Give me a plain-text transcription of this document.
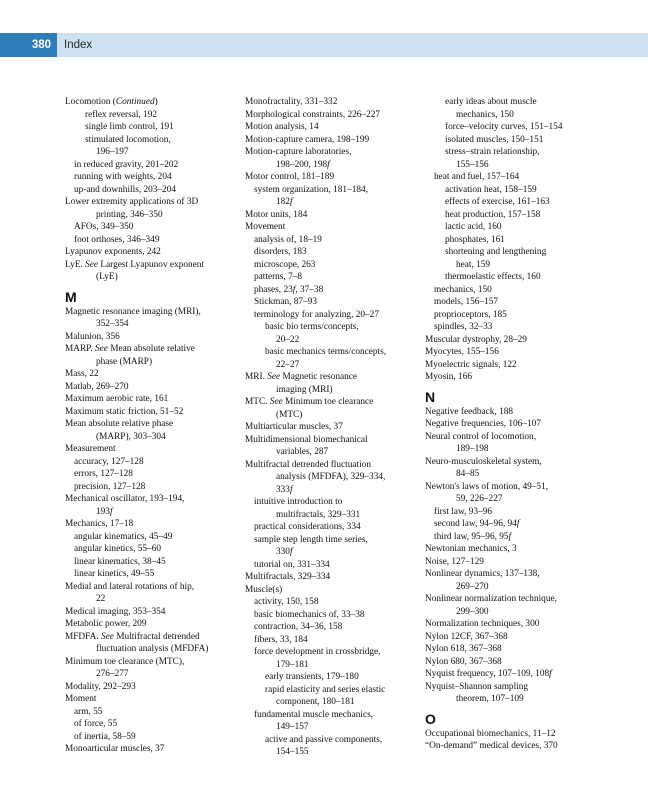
380	Index
Locomotion (Continued)
reflex reversal, 192
single limb control, 191
stimulated locomotion,
196–197
in reduced gravity, 201–202
running with weights, 204
up-and downhills, 203–204
Lower extremity applications of 3D
printing, 346–350
AFOs, 349–350
foot orthoses, 346–349
Lyapunov exponents, 242
LyE. See Largest Lyapunov exponent
(LyE)
M
Magnetic resonance imaging (MRI),
352–354
Malunion, 356
MARP. See Mean absolute relative
phase (MARP)
Mass, 22
Matlab, 269–270
Maximum aerobic rate, 161
Maximum static friction, 51–52
Mean absolute relative phase
(MARP), 303–304
Measurement
accuracy, 127–128
errors, 127–128
precision, 127–128
Mechanical oscillator, 193–194,
193f
Mechanics, 17–18
angular kinematics, 45–49
angular kinetics, 55–60
linear kinematics, 38–45
linear kinetics, 49–55
Medial and lateral rotations of hip,
22
Medical imaging, 353–354
Metabolic power, 209
MFDFA. See Multifractal detrended
fluctuation analysis (MFDFA)
Minimum toe clearance (MTC),
276–277
Modality, 292–293
Moment
arm, 55
of force, 55
of inertia, 58–59
Monoarticular muscles, 37
Monofractality, 331–332
Morphological constraints, 226–227
Motion analysis, 14
Motion-capture camera, 198–199
Motion-capture laboratories,
198–200, 198f
Motor control, 181–189
system organization, 181–184,
182f
Motor units, 184
Movement
analysis of, 18–19
disorders, 183
microscope, 263
patterns, 7–8
phases, 23f, 37–38
Stickman, 87–93
terminology for analyzing, 20–27
basic bio terms/concepts,
20–22
basic mechanics terms/concepts,
22–27
MRI. See Magnetic resonance
imaging (MRI)
MTC. See Minimum toe clearance
(MTC)
Multiarticular muscles, 37
Multidimensional biomechanical
variables, 287
Multifractal detrended fluctuation
analysis (MFDFA), 329–334,
333f
intuitive introduction to
multifractals, 329–331
practical considerations, 334
sample step length time series,
330f
tutorial on, 331–334
Multifractals, 329–334
Muscle(s)
activity, 150, 158
basic biomechanics of, 33–38
contraction, 34–36, 158
fibers, 33, 184
force development in crossbridge,
179–181
early transients, 179–180
rapid elasticity and series elastic
component, 180–181
fundamental muscle mechanics,
149–157
active and passive components,
154–155
early ideas about muscle
mechanics, 150
force–velocity curves, 151–154
isolated muscles, 150–151
stress–strain relationship,
155–156
heat and fuel, 157–164
activation heat, 158–159
effects of exercise, 161–163
heat production, 157–158
lactic acid, 160
phosphates, 161
shortening and lengthening
heat, 159
thermoelastic effects, 160
mechanics, 150
models, 156–157
proprioceptors, 185
spindles, 32–33
Muscular dystrophy, 28–29
Myocytes, 155–156
Myoelectric signals, 122
Myosin, 166
N
Negative feedback, 188
Negative frequencies, 106–107
Neural control of locomotion,
189–198
Neuro-musculoskeletal system,
84–85
Newton's laws of motion, 49–51,
59, 226–227
first law, 93–96
second law, 94–96, 94f
third law, 95–96, 95f
Newtonian mechanics, 3
Noise, 127–129
Nonlinear dynamics, 137–138,
269–270
Nonlinear normalization technique,
299–300
Normalization techniques, 300
Nylon 12CF, 367–368
Nylon 618, 367–368
Nylon 680, 367–368
Nyquist frequency, 107–109, 108f
Nyquist–Shannon sampling
theorem, 107–109
O
Occupational biomechanics, 11–12
“On-demand” medical devices, 370
